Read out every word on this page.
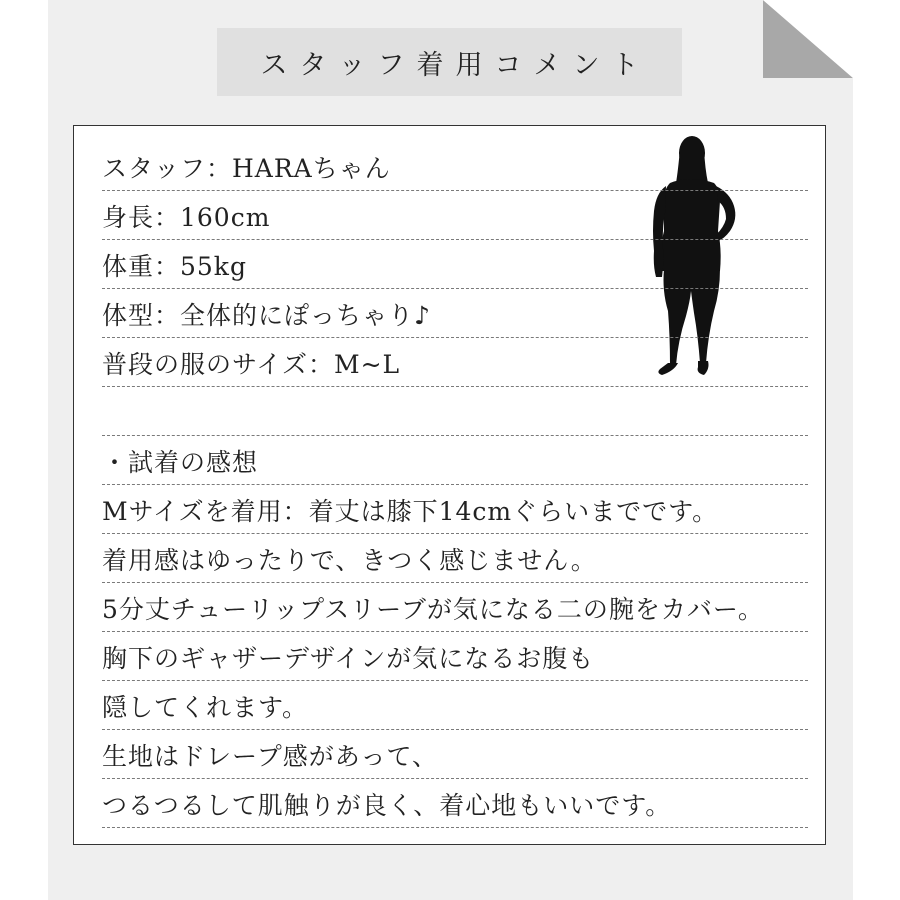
スタッフ着用コメント
スタッフ：HARAちゃん
身長：160cm
体重：55kg
体型：全体的にぽっちゃり♪
普段の服のサイズ：M~L
・試着の感想
Mサイズを着用：着丈は膝下14cmぐらいまでです。
着用感はゆったりで、きつく感じません。
5分丈チューリップスリーブが気になる二の腕をカバー。
胸下のギャザーデザインが気になるお腹も
隠してくれます。
生地はドレープ感があって、
つるつるして肌触りが良く、着心地もいいです。
